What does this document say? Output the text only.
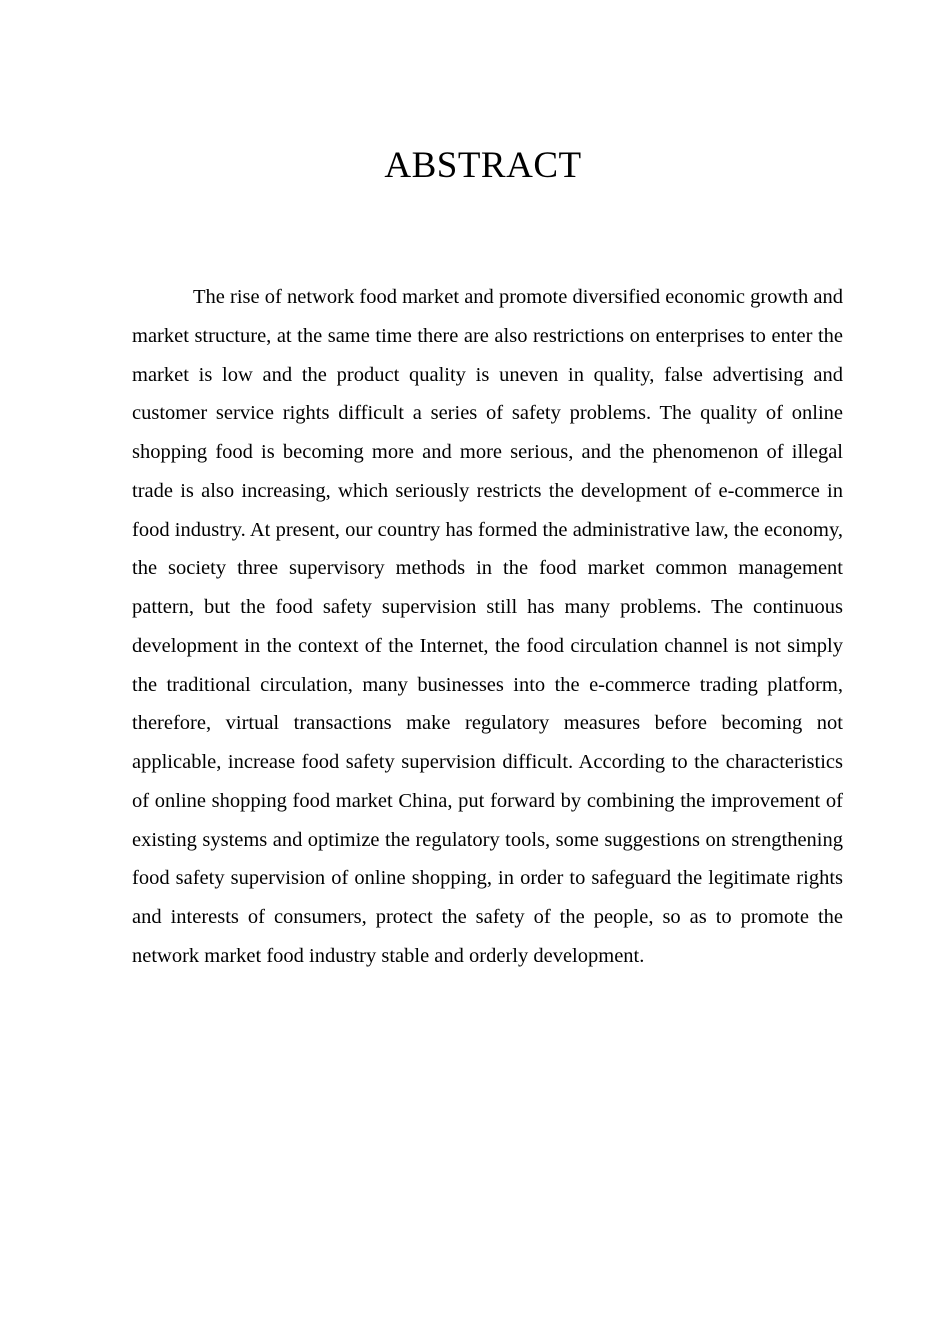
ABSTRACT

The rise of network food market and promote diversified economic growth and market structure, at the same time there are also restrictions on enterprises to enter the market is low and the product quality is uneven in quality, false advertising and customer service rights difficult a series of safety problems. The quality of online shopping food is becoming more and more serious, and the phenomenon of illegal trade is also increasing, which seriously restricts the development of e-commerce in food industry. At present, our country has formed the administrative law, the economy, the society three supervisory methods in the food market common management pattern, but the food safety supervision still has many problems. The continuous development in the context of the Internet, the food circulation channel is not simply the traditional circulation, many businesses into the e-commerce trading platform, therefore, virtual transactions make regulatory measures before becoming not applicable, increase food safety supervision difficult. According to the characteristics of online shopping food market China, put forward by combining the improvement of existing systems and optimize the regulatory tools, some suggestions on strengthening food safety supervision of online shopping, in order to safeguard the legitimate rights and interests of consumers, protect the safety of the people, so as to promote the network market food industry stable and orderly development.
